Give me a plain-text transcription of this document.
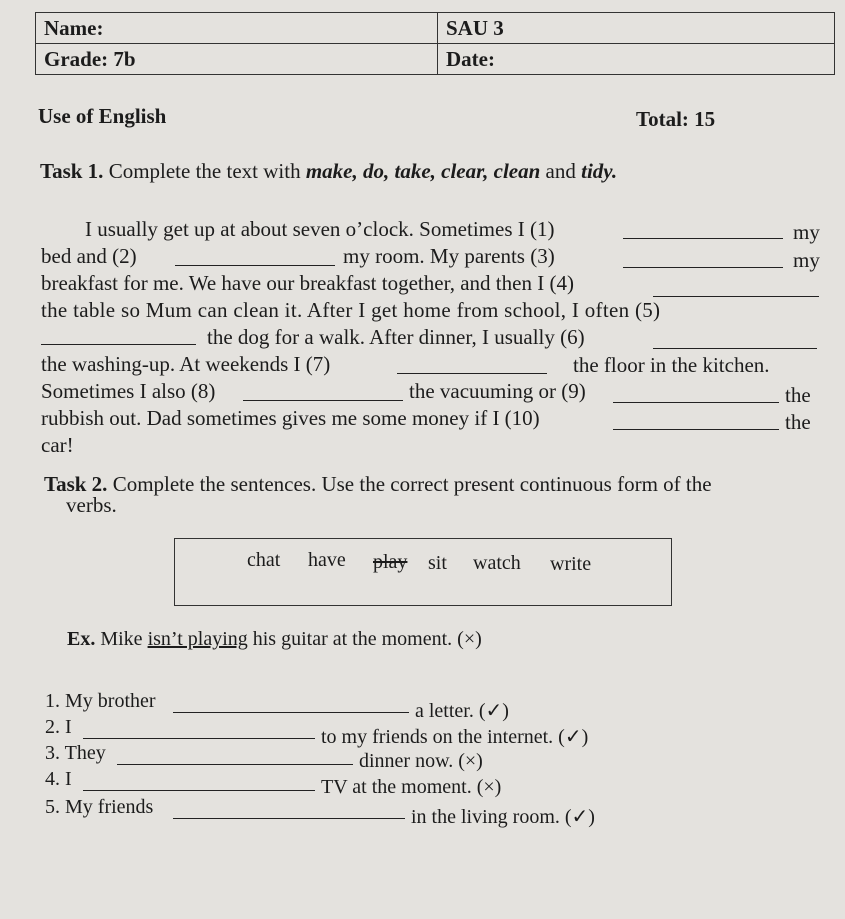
Name:	SAU 3
Grade: 7b	Date:
Use of English	Total: 15
Task 1. Complete the text with make, do, take, clear, clean and tidy.
I usually get up at about seven o’clock. Sometimes I (1)	my
bed and (2)	my room. My parents (3)	my
breakfast for me. We have our breakfast together, and then I (4)
the table so Mum can clean it. After I get home from school, I often (5)
the dog for a walk. After dinner, I usually (6)
the washing-up. At weekends I (7)	the floor in the kitchen.
Sometimes I also (8)	the vacuuming or (9)	the
rubbish out. Dad sometimes gives me some money if I (10)	the
car!
Task 2. Complete the sentences. Use the correct present continuous form of the
verbs.
chat have play sit watch write
Ex. Mike isn’t playing his guitar at the moment. (×)
1. My brother	a letter. (✓)
2. I	to my friends on the internet. (✓)
3. They	dinner now. (×)
4. I	TV at the moment. (×)
5. My friends	in the living room. (✓)
